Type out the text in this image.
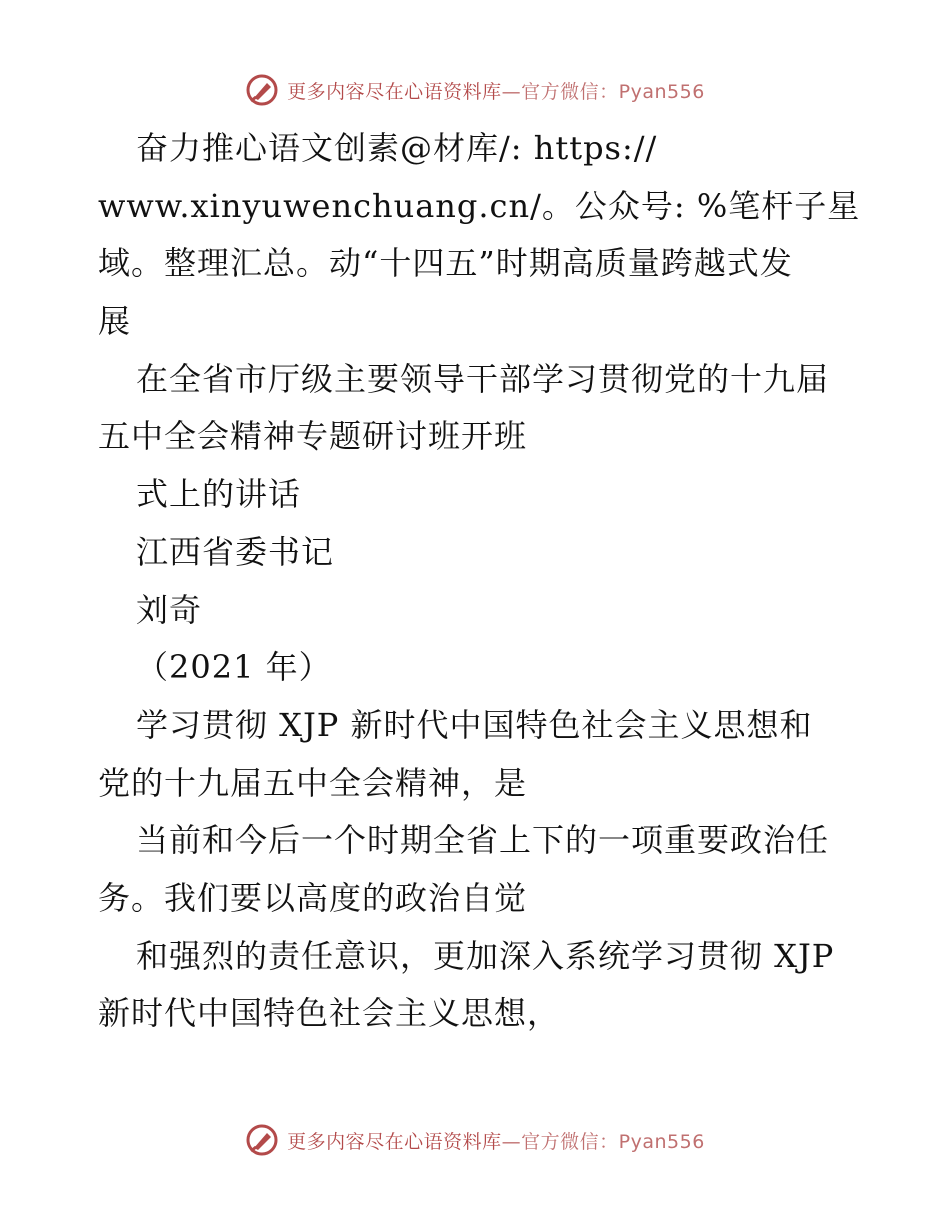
更多内容尽在心语资料库—官方微信：Pyan556
奋力推心语文创素@材库/: https://
www.xinyuwenchuang.cn/。公众号: %笔杆子星
域。整理汇总。动“十四五”时期高质量跨越式发
展
在全省市厅级主要领导干部学习贯彻党的十九届
五中全会精神专题研讨班开班
式上的讲话
江西省委书记
刘奇
（2021 年）
学习贯彻 XJP 新时代中国特色社会主义思想和
党的十九届五中全会精神，是
当前和今后一个时期全省上下的一项重要政治任
务。我们要以高度的政治自觉
和强烈的责任意识，更加深入系统学习贯彻 XJP
新时代中国特色社会主义思想，
更多内容尽在心语资料库—官方微信：Pyan556
